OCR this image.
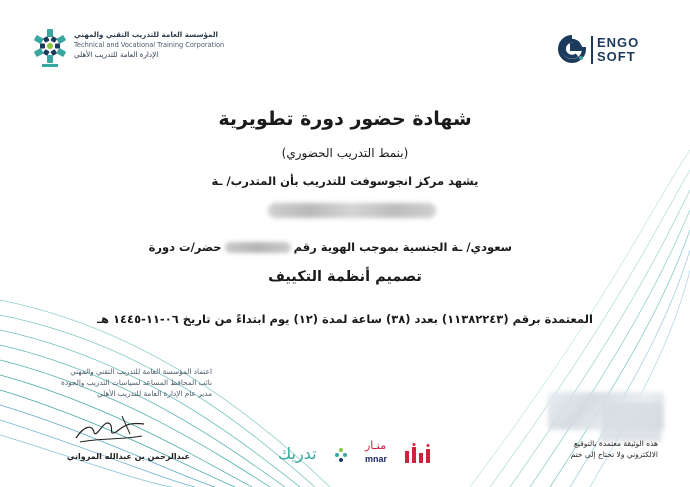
المؤسسة العامة للتدريب التقني والمهني
Technical and Vocational Training Corporation
الإدارة العامة للتدريب الأهلي
ENGO
SOFT
شهادة حضور دورة تطويرية
(بنمط التدريب الحضوري)
يشهد مركز انجوسوفت للتدريب بأن المتدرب/ ـة
سعودي/ ـة الجنسية بموجب الهوية رقمحضر/ت دورة
تصميم أنظمة التكييف
المعتمدة برقم (١١٣٨٢٢٤٣) بعدد (٣٨) ساعة لمدة (١٢) يوم ابتداءً من تاريخ ٠٦-١١-١٤٤٥ هـ
اعتماد المؤسسة العامة للتدريب التقني والمهني
نائب المحافظ المساعد لسياسات التدريب والجودة
مدير عام الإدارة العامة للتدريب الأهلي
عبدالرحمن بن عبدالله المرواني	تدريك	منـار
mnar
هذه الوثيقة معتمدة بالتوقيع
الالكتروني ولا تحتاج إلى ختم
